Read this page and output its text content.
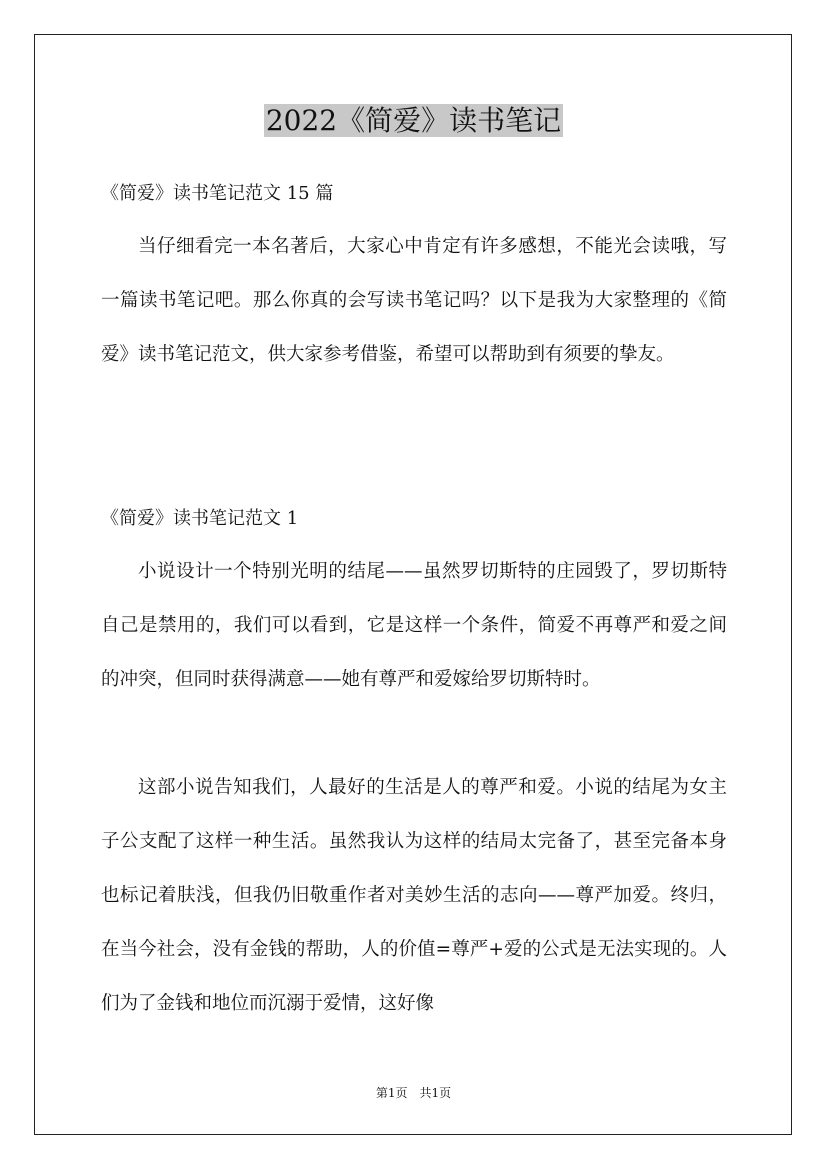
2022《简爱》读书笔记

《简爱》读书笔记范文 15 篇

当仔细看完一本名著后，大家心中肯定有许多感想，不能光会读哦，写一篇读书笔记吧。那么你真的会写读书笔记吗？以下是我为大家整理的《简爱》读书笔记范文，供大家参考借鉴，希望可以帮助到有须要的挚友。

《简爱》读书笔记范文 1

小说设计一个特别光明的结尾——虽然罗切斯特的庄园毁了，罗切斯特自己是禁用的，我们可以看到，它是这样一个条件，简爱不再尊严和爱之间的冲突，但同时获得满意——她有尊严和爱嫁给罗切斯特时。

这部小说告知我们，人最好的生活是人的尊严和爱。小说的结尾为女主子公支配了这样一种生活。虽然我认为这样的结局太完备了，甚至完备本身也标记着肤浅，但我仍旧敬重作者对美妙生活的志向——尊严加爱。终归，在当今社会，没有金钱的帮助，人的价值=尊严+爱的公式是无法实现的。人们为了金钱和地位而沉溺于爱情，这好像

第1页　共1页
